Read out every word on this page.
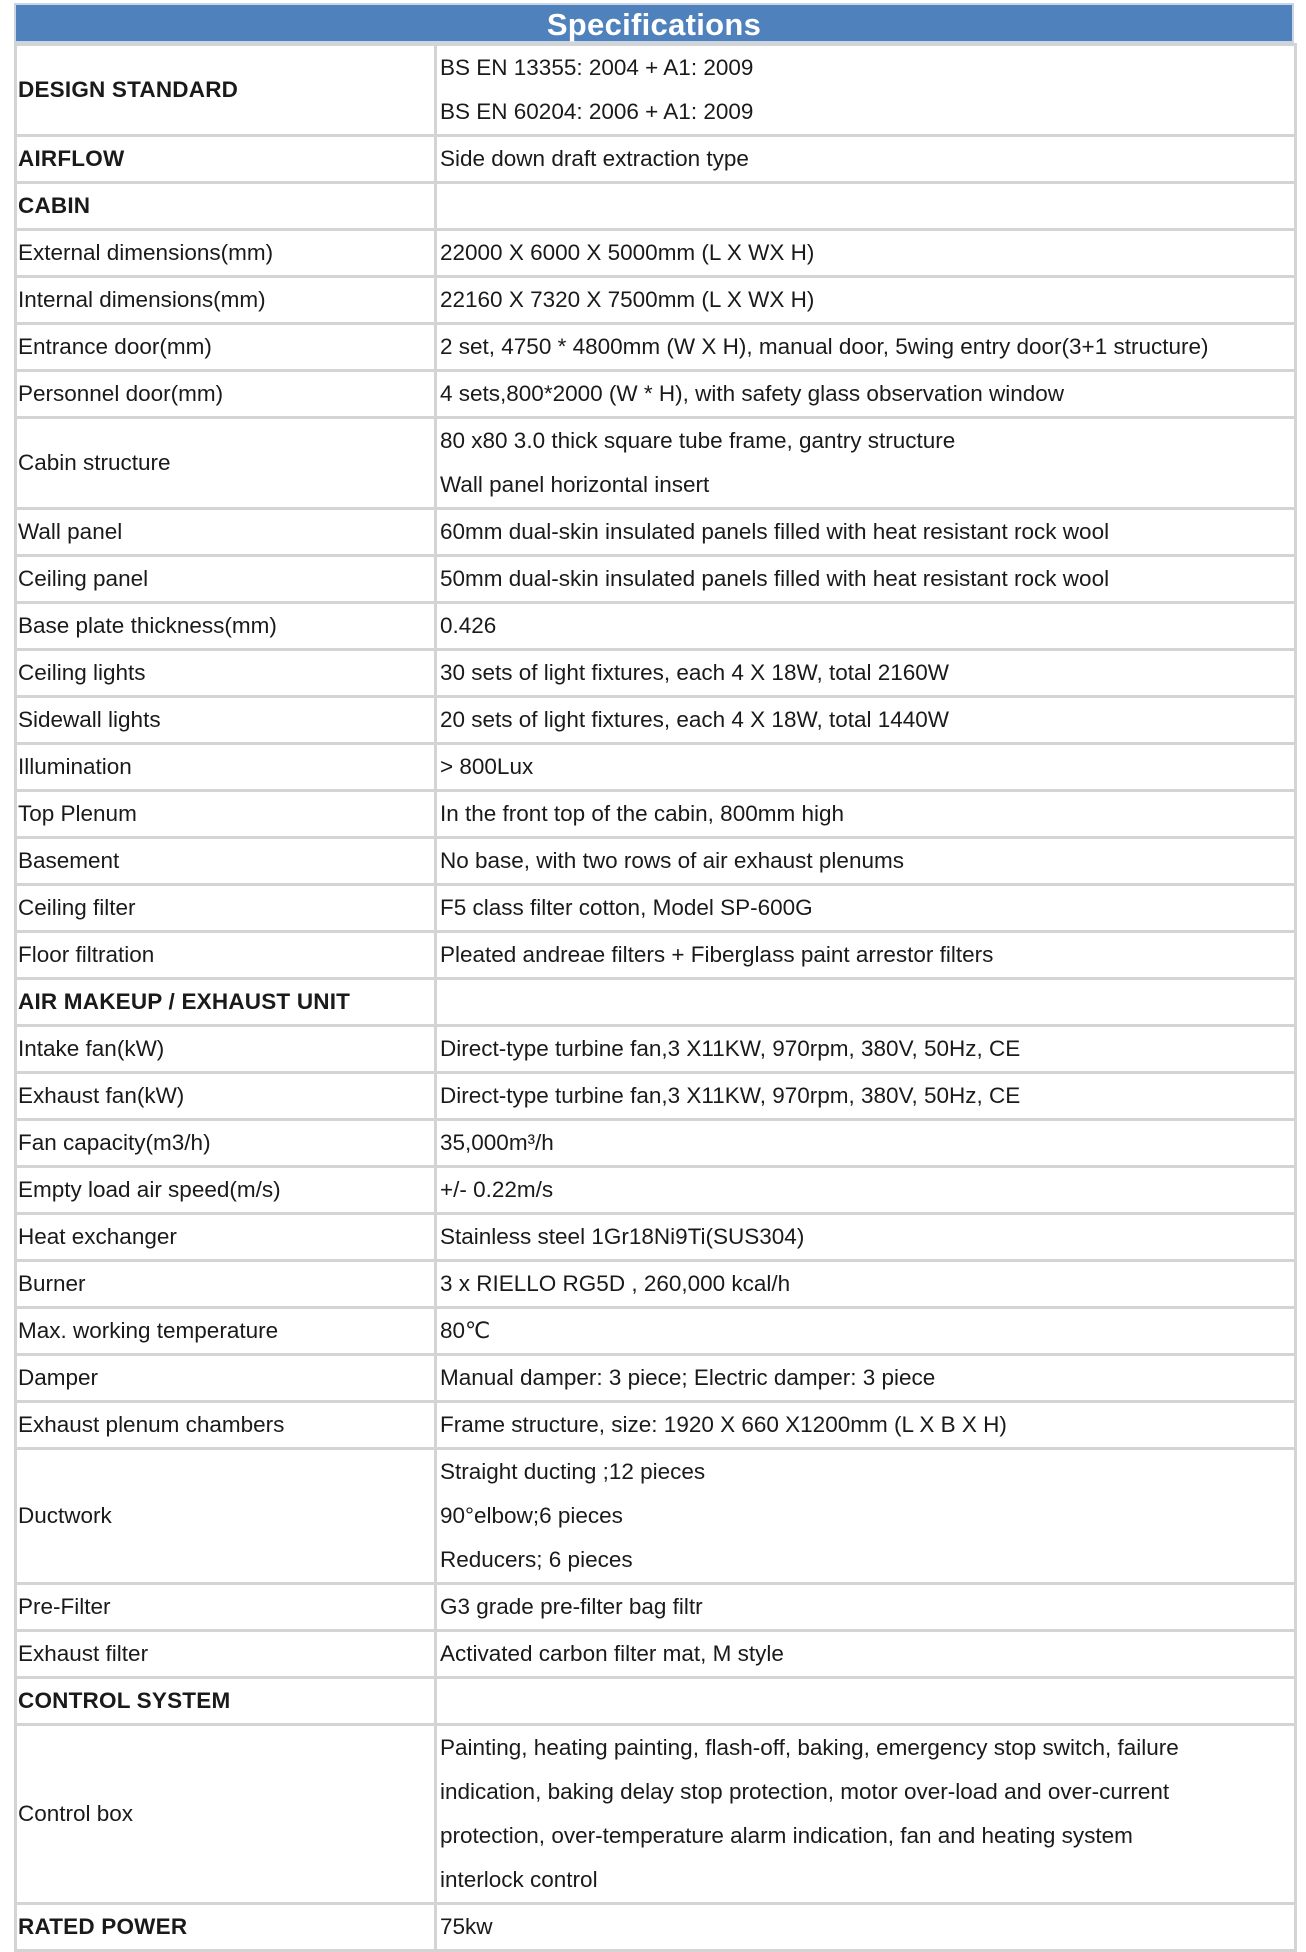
Specifications
DESIGN STANDARD	BS EN 13355: 2004 + A1: 2009
BS EN 60204: 2006 + A1: 2009

AIRFLOW	Side down draft extraction type

CABIN	

External dimensions(mm)	22000 X 6000 X 5000mm (L X WX H)

Internal dimensions(mm)	22160 X 7320 X 7500mm (L X WX H)

Entrance door(mm)	2 set, 4750 * 4800mm (W X H), manual door, 5wing entry door(3+1 structure)

Personnel door(mm)	4 sets,800*2000 (W * H), with safety glass observation window

Cabin structure	80 x80 3.0 thick square tube frame, gantry structure
Wall panel horizontal insert

Wall panel	60mm dual-skin insulated panels filled with heat resistant rock wool

Ceiling panel	50mm dual-skin insulated panels filled with heat resistant rock wool

Base plate thickness(mm)	0.426

Ceiling lights	30 sets of light fixtures, each 4 X 18W, total 2160W

Sidewall lights	20 sets of light fixtures, each 4 X 18W, total 1440W

Illumination	> 800Lux

Top Plenum	In the front top of the cabin, 800mm high

Basement	No base, with two rows of air exhaust plenums

Ceiling filter	F5 class filter cotton, Model SP-600G

Floor filtration	Pleated andreae filters + Fiberglass paint arrestor filters

AIR MAKEUP / EXHAUST UNIT	

Intake fan(kW)	Direct-type turbine fan,3 X11KW, 970rpm, 380V, 50Hz, CE

Exhaust fan(kW)	Direct-type turbine fan,3 X11KW, 970rpm, 380V, 50Hz, CE

Fan capacity(m3/h)	35,000m³/h

Empty load air speed(m/s)	+/- 0.22m/s

Heat exchanger	Stainless steel 1Gr18Ni9Ti(SUS304)

Burner	3 x RIELLO RG5D , 260,000 kcal/h

Max. working temperature	80℃

Damper	Manual damper: 3 piece; Electric damper: 3 piece

Exhaust plenum chambers	Frame structure, size: 1920 X 660 X1200mm (L X B X H)

Ductwork	Straight ducting ;12 pieces
90°elbow;6 pieces
Reducers; 6 pieces

Pre-Filter	G3 grade pre-filter bag filtr

Exhaust filter	Activated carbon filter mat, M style

CONTROL SYSTEM	

Control box	Painting, heating painting, flash-off, baking, emergency stop switch, failure
indication, baking delay stop protection, motor over-load and over-current
protection, over-temperature alarm indication, fan and heating system
interlock control

RATED POWER	75kw
